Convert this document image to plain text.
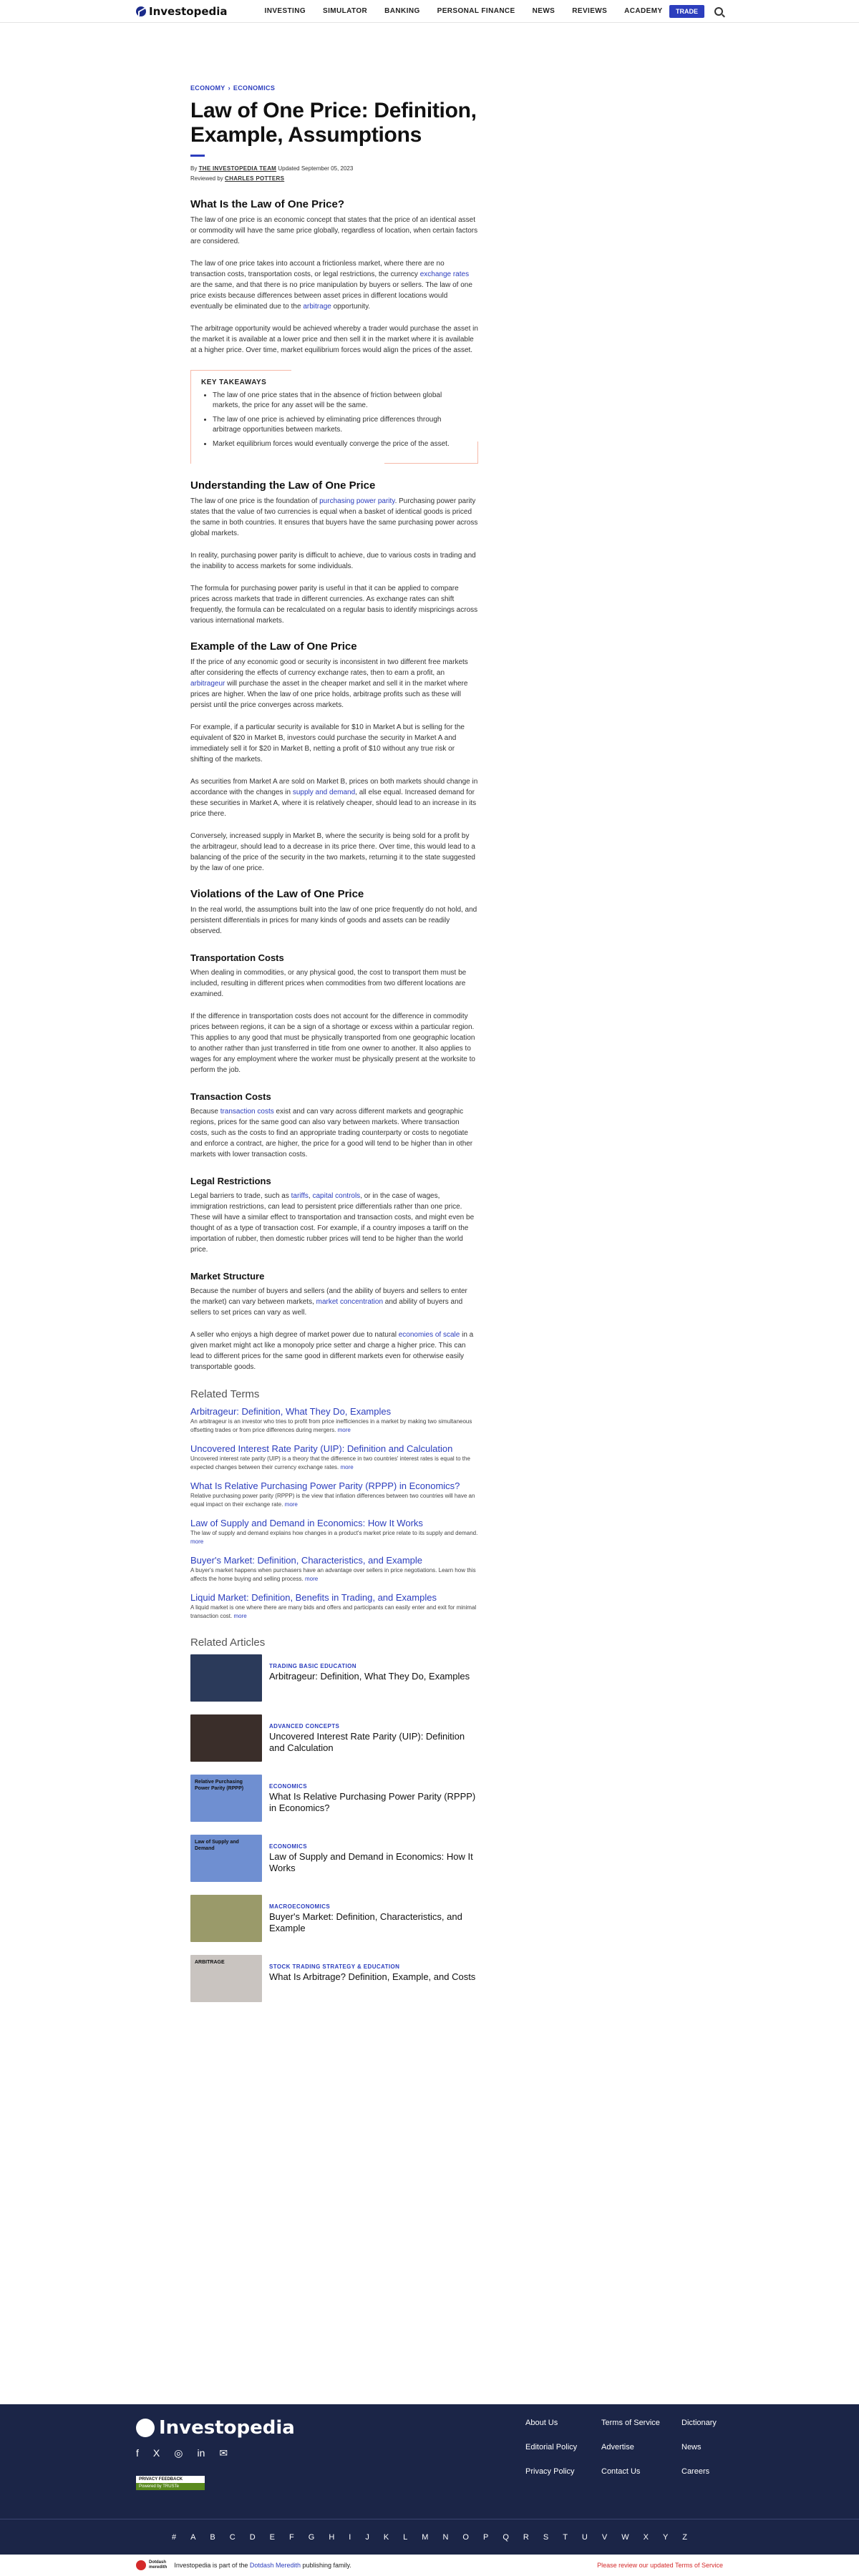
Investopedia	INVESTING SIMULATOR BANKING PERSONAL FINANCE NEWS REVIEWS ACADEMY	TRADE
ECONOMY › ECONOMICS
Law of One Price: Definition, Example, Assumptions
By THE INVESTOPEDIA TEAM Updated September 05, 2023
Reviewed by CHARLES POTTERS
What Is the Law of One Price?

The law of one price is an economic concept that states that the price of an identical asset or commodity will have the same price globally, regardless of location, when certain factors are considered.

The law of one price takes into account a frictionless market, where there are no transaction costs, transportation costs, or legal restrictions, the currency exchange rates are the same, and that there is no price manipulation by buyers or sellers. The law of one price exists because differences between asset prices in different locations would eventually be eliminated due to the arbitrage opportunity.

The arbitrage opportunity would be achieved whereby a trader would purchase the asset in the market it is available at a lower price and then sell it in the market where it is available at a higher price. Over time, market equilibrium forces would align the prices of the asset.

KEY TAKEAWAYS
• The law of one price states that in the absence of friction between global markets, the price for any asset will be the same.
• The law of one price is achieved by eliminating price differences through arbitrage opportunities between markets.
• Market equilibrium forces would eventually converge the price of the asset.
Understanding the Law of One Price

The law of one price is the foundation of purchasing power parity. Purchasing power parity states that the value of two currencies is equal when a basket of identical goods is priced the same in both countries. It ensures that buyers have the same purchasing power across global markets.

In reality, purchasing power parity is difficult to achieve, due to various costs in trading and the inability to access markets for some individuals.

The formula for purchasing power parity is useful in that it can be applied to compare prices across markets that trade in different currencies. As exchange rates can shift frequently, the formula can be recalculated on a regular basis to identify mispricings across various international markets.

Example of the Law of One Price

If the price of any economic good or security is inconsistent in two different free markets after considering the effects of currency exchange rates, then to earn a profit, an arbitrageur will purchase the asset in the cheaper market and sell it in the market where prices are higher. When the law of one price holds, arbitrage profits such as these will persist until the price converges across markets.

For example, if a particular security is available for $10 in Market A but is selling for the equivalent of $20 in Market B, investors could purchase the security in Market A and immediately sell it for $20 in Market B, netting a profit of $10 without any true risk or shifting of the markets.

As securities from Market A are sold on Market B, prices on both markets should change in accordance with the changes in supply and demand, all else equal. Increased demand for these securities in Market A, where it is relatively cheaper, should lead to an increase in its price there.

Conversely, increased supply in Market B, where the security is being sold for a profit by the arbitrageur, should lead to a decrease in its price there. Over time, this would lead to a balancing of the price of the security in the two markets, returning it to the state suggested by the law of one price.

Violations of the Law of One Price

In the real world, the assumptions built into the law of one price frequently do not hold, and persistent differentials in prices for many kinds of goods and assets can be readily observed.

Transportation Costs

When dealing in commodities, or any physical good, the cost to transport them must be included, resulting in different prices when commodities from two different locations are examined.

If the difference in transportation costs does not account for the difference in commodity prices between regions, it can be a sign of a shortage or excess within a particular region. This applies to any good that must be physically transported from one geographic location to another rather than just transferred in title from one owner to another. It also applies to wages for any employment where the worker must be physically present at the worksite to perform the job.

Transaction Costs

Because transaction costs exist and can vary across different markets and geographic regions, prices for the same good can also vary between markets. Where transaction costs, such as the costs to find an appropriate trading counterparty or costs to negotiate and enforce a contract, are higher, the price for a good will tend to be higher than in other markets with lower transaction costs.

Legal Restrictions

Legal barriers to trade, such as tariffs, capital controls, or in the case of wages, immigration restrictions, can lead to persistent price differentials rather than one price. These will have a similar effect to transportation and transaction costs, and might even be thought of as a type of transaction cost. For example, if a country imposes a tariff on the importation of rubber, then domestic rubber prices will tend to be higher than the world price.

Market Structure

Because the number of buyers and sellers (and the ability of buyers and sellers to enter the market) can vary between markets, market concentration and ability of buyers and sellers to set prices can vary as well.

A seller who enjoys a high degree of market power due to natural economies of scale in a given market might act like a monopoly price setter and charge a higher price. This can lead to different prices for the same good in different markets even for otherwise easily transportable goods.

Related Terms
Arbitrageur: Definition, What They Do, Examples
An arbitrageur is an investor who tries to profit from price inefficiencies in a market by making two simultaneous offsetting trades or from price differences during mergers. more
Uncovered Interest Rate Parity (UIP): Definition and Calculation
Uncovered interest rate parity (UIP) is a theory that the difference in two countries' interest rates is equal to the expected changes between their currency exchange rates. more
What Is Relative Purchasing Power Parity (RPPP) in Economics?
Relative purchasing power parity (RPPP) is the view that inflation differences between two countries will have an equal impact on their exchange rate. more
Law of Supply and Demand in Economics: How It Works
The law of supply and demand explains how changes in a product's market price relate to its supply and demand. more
Buyer's Market: Definition, Characteristics, and Example
A buyer's market happens when purchasers have an advantage over sellers in price negotiations. Learn how this affects the home buying and selling process. more
Liquid Market: Definition, Benefits in Trading, and Examples
A liquid market is one where there are many bids and offers and participants can easily enter and exit for minimal transaction cost. more
Related Articles
TRADING BASIC EDUCATION
Arbitrageur: Definition, What They Do, Examples
ADVANCED CONCEPTS
Uncovered Interest Rate Parity (UIP): Definition and Calculation
Relative Purchasing Power Parity (RPPP)	ECONOMICS
What Is Relative Purchasing Power Parity (RPPP) in Economics?
Law of Supply and Demand	ECONOMICS
Law of Supply and Demand in Economics: How It Works
MACROECONOMICS
Buyer's Market: Definition, Characteristics, and Example
ARBITRAGE
STOCK TRADING STRATEGY & EDUCATION
What Is Arbitrage? Definition, Example, and Costs
Investopedia
f X ◎ in ✉
PRIVACY FEEDBACK
Powered by TRUSTe
About Us	Terms of Service	Dictionary
Editorial Policy	Advertise	News
Privacy Policy	Contact Us	Careers
# A B C D E F G H I J K L M N O P Q R S T U V W X Y Z
Dotdash
meredith Investopedia is part of the Dotdash Meredith publishing family.	Please review our updated Terms of Service
